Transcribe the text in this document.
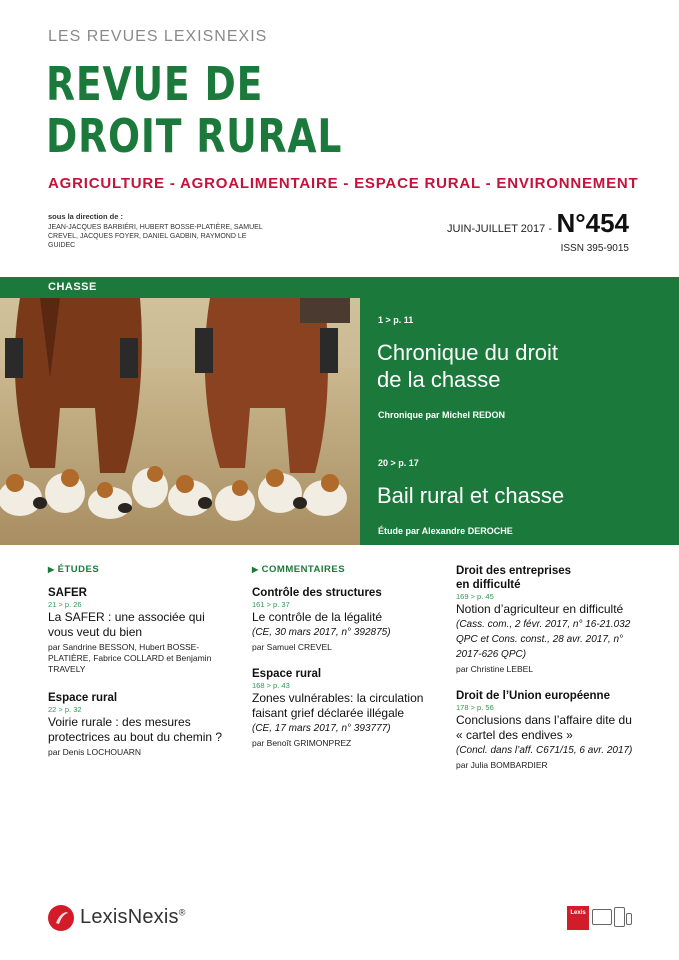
LES REVUES LEXISNEXIS
REVUE DE
DROIT RURAL
AGRICULTURE - AGROALIMENTAIRE - ESPACE RURAL - ENVIRONNEMENT
sous la direction de :
JEAN-JACQUES BARBIÉRI, HUBERT BOSSE-PLATIÈRE, SAMUEL CREVEL, JACQUES FOYER, DANIEL GADBIN, RAYMOND LE GUIDEC
JUIN-JUILLET 2017 - N°454
ISSN 395-9015
CHASSE
1 > p. 11
Chronique du droit
de la chasse
Chronique par Michel REDON
20 > p. 17
Bail rural et chasse
Étude par Alexandre DEROCHE
▶ ÉTUDES
SAFER
21 > p. 26
La SAFER : une associée qui vous veut du bien
par Sandrine BESSON, Hubert BOSSE-PLATIÈRE, Fabrice COLLARD et Benjamin TRAVELY
Espace rural
22 > p. 32
Voirie rurale : des mesures protectrices au bout du chemin ?
par Denis LOCHOUARN
▶ COMMENTAIRES
Contrôle des structures
161 > p. 37
Le contrôle de la légalité
(CE, 30 mars 2017, n° 392875)
par Samuel CREVEL
Espace rural
168 > p. 43
Zones vulnérables: la circulation faisant grief déclarée illégale
(CE, 17 mars 2017, n° 393777)
par Benoît GRIMONPREZ
Droit des entreprises
en difficulté
169 > p. 45
Notion d’agriculteur en difficulté
(Cass. com., 2 févr. 2017, n° 16-21.032 QPC et Cons. const., 28 avr. 2017, n° 2017-626 QPC)
par Christine LEBEL
Droit de l’Union européenne
178 > p. 56
Conclusions dans l’affaire dite du « cartel des endives »
(Concl. dans l’aff. C671/15, 6 avr. 2017)
par Julia BOMBARDIER
LexisNexis®	Lexis
